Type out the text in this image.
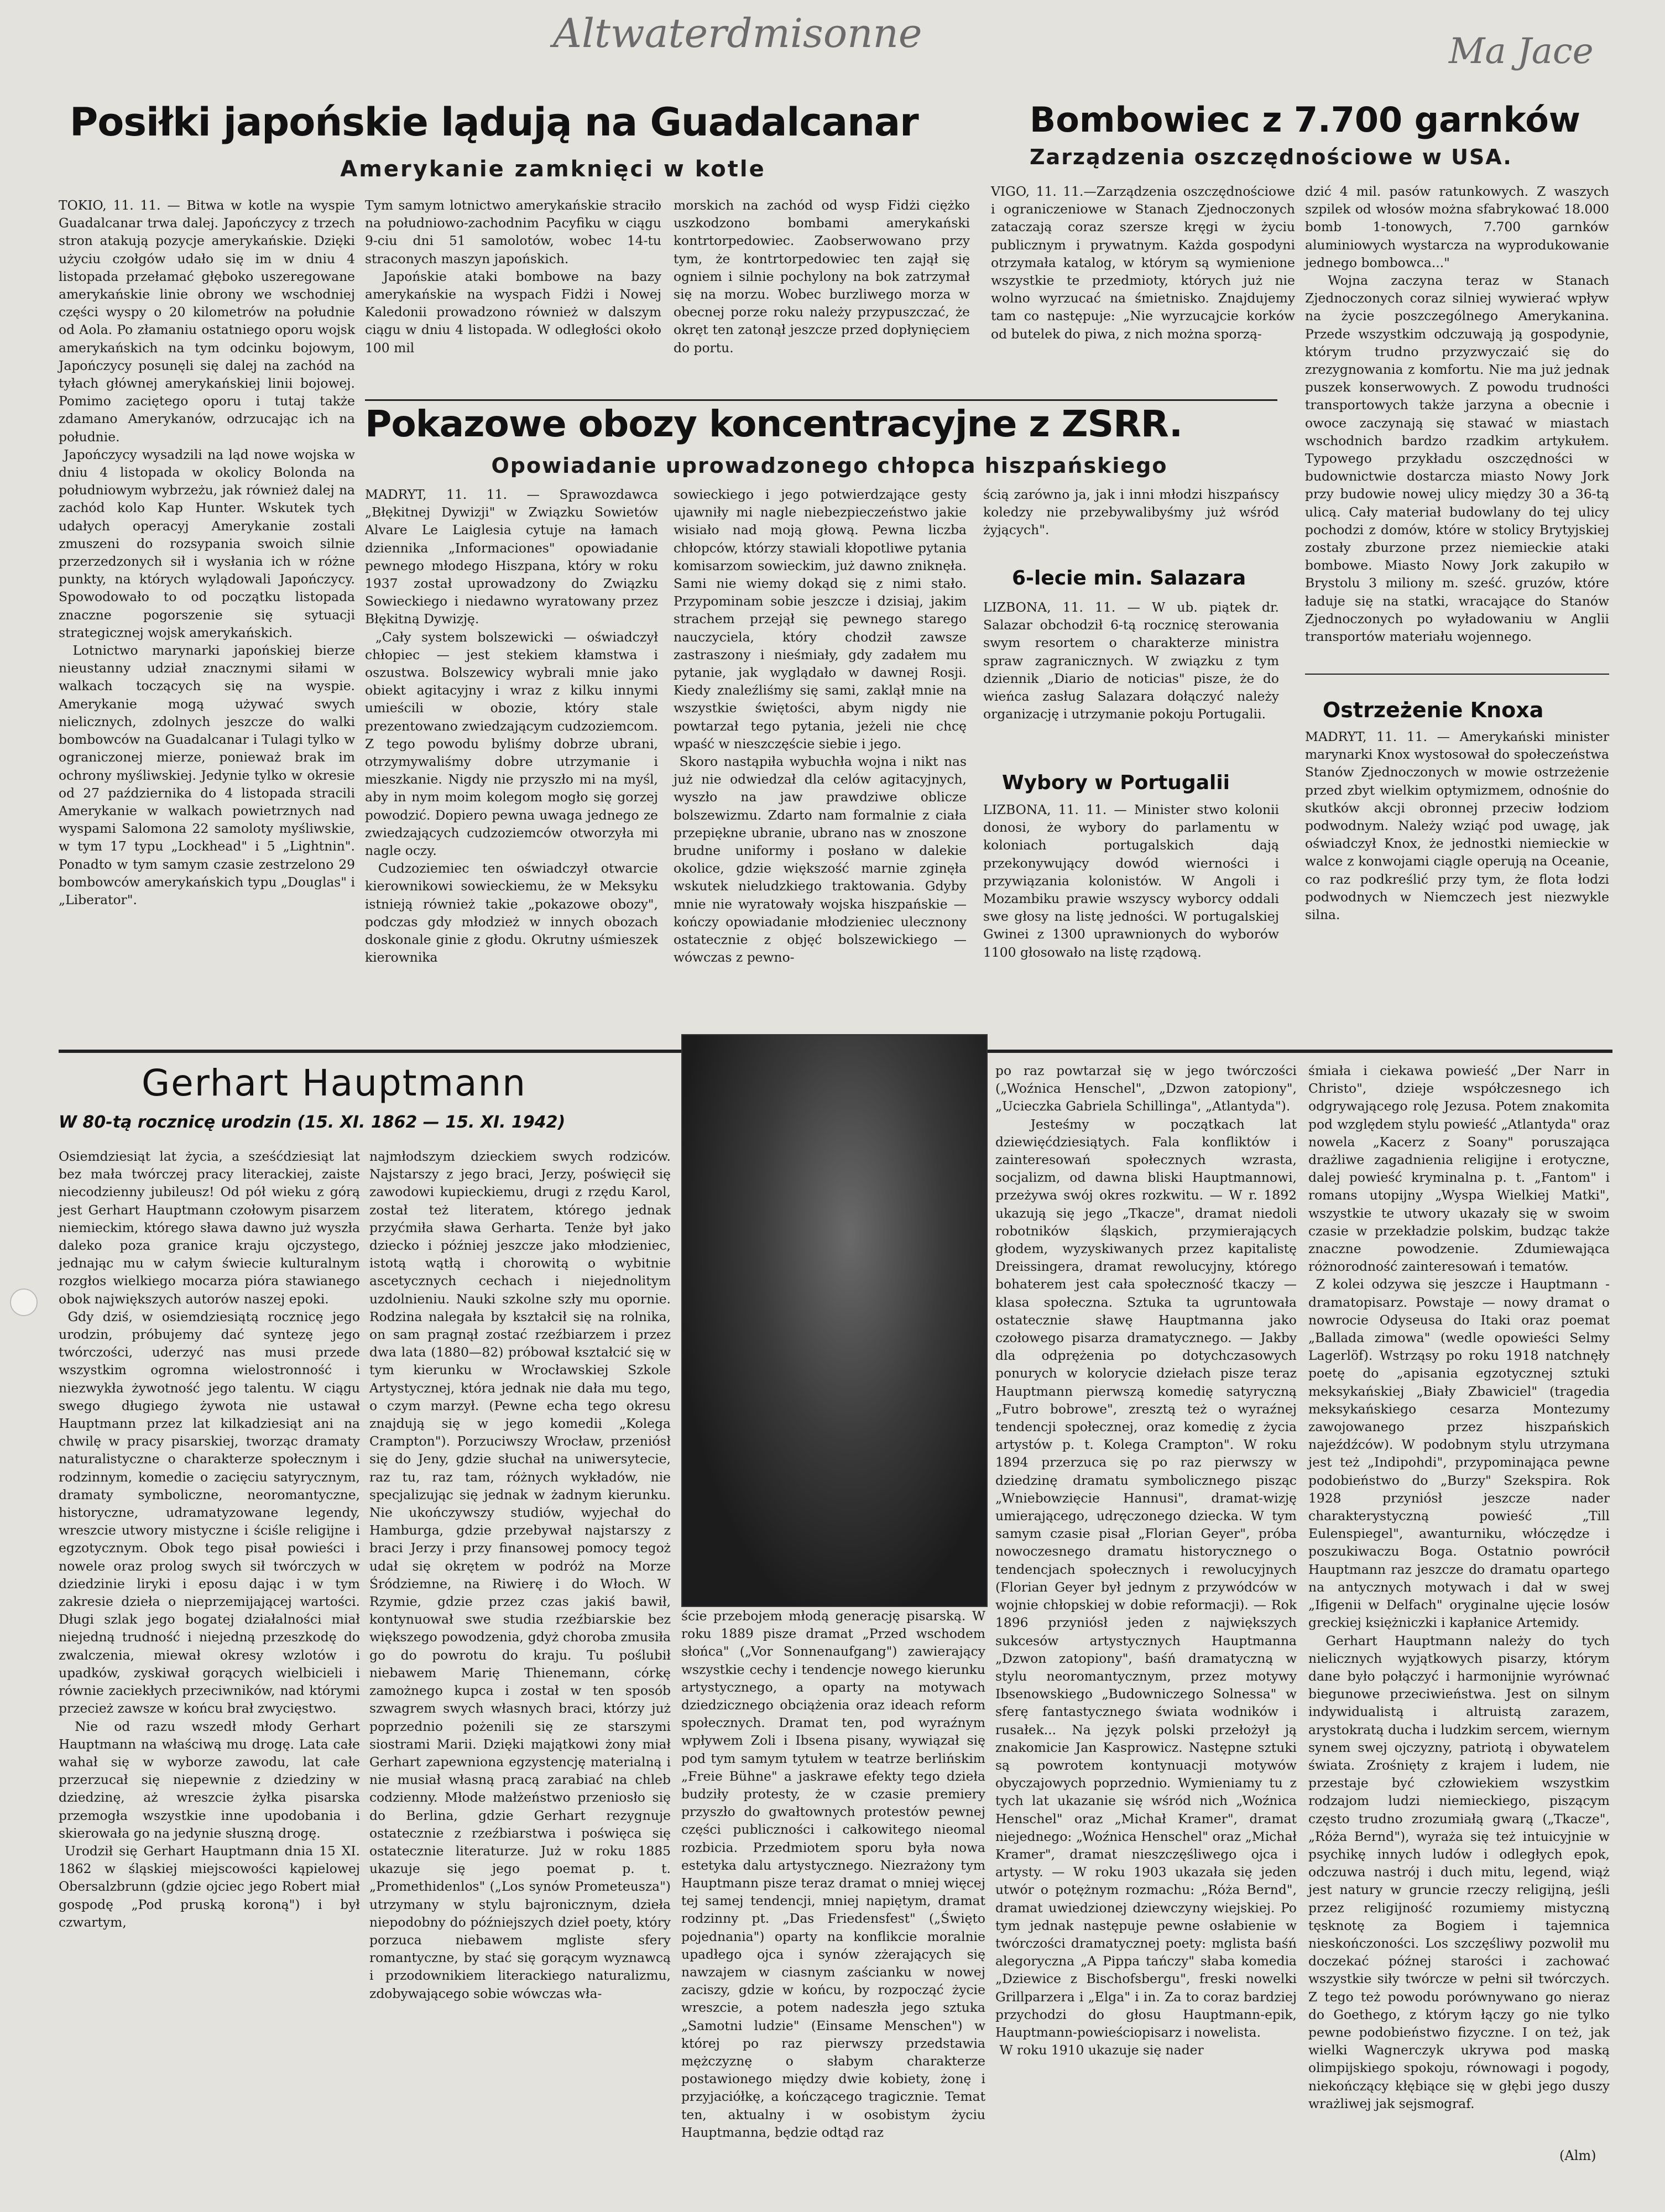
Altwaterdmisonne	Ma Jace
Posiłki japońskie lądują na Guadalcanar
Amerykanie zamknięci w kotle
TOKIO, 11. 11. — Bitwa w kotle na wyspie Guadalcanar trwa dalej. Japończycy z trzech stron atakują pozycje amerykańskie. Dzięki użyciu czołgów udało się im w dniu 4 listopada przełamać głęboko uszeregowane amerykańskie linie obrony we wschodniej części wyspy o 20 kilometrów na południe od Aola. Po złamaniu ostatniego oporu wojsk amerykańskich na tym odcinku bojowym, Japończycy posunęli się dalej na zachód na tyłach głównej amerykańskiej linii bojowej. Pomimo zaciętego oporu i tutaj także zdamano Amerykanów, odrzucając ich na południe.
Japończycy wysadzili na ląd nowe wojska w dniu 4 listopada w okolicy Bolonda na południowym wybrzeżu, jak również dalej na zachód kolo Kap Hunter. Wskutek tych udałych operacyj Amerykanie zostali zmuszeni do rozsypania swoich silnie przerzedzonych sił i wysłania ich w różne punkty, na których wylądowali Japończycy. Spowodowało to od początku listopada znaczne pogorszenie się sytuacji strategicznej wojsk amerykańskich.
Lotnictwo marynarki japońskiej bierze nieustanny udział znacznymi siłami w walkach toczących się na wyspie. Amerykanie mogą używać swych nielicznych, zdolnych jeszcze do walki bombowców na Guadalcanar i Tulagi tylko w ograniczonej mierze, ponieważ brak im ochrony myśliwskiej. Jedynie tylko w okresie od 27 października do 4 listopada stracili Amerykanie w walkach powietrznych nad wyspami Salomona 22 samoloty myśliwskie, w tym 17 typu „Lockhead" i 5 „Lightnin". Ponadto w tym samym czasie zestrzelono 29 bombowców amerykańskich typu „Douglas" i „Liberator".
Tym samym lotnictwo amerykańskie straciło na południowo-zachodnim Pacyfiku w ciągu 9-ciu dni 51 samolotów, wobec 14-tu straconych maszyn japońskich.
Japońskie ataki bombowe na bazy amerykańskie na wyspach Fidżi i Nowej Kaledonii prowadzono również w dalszym ciągu w dniu 4 listopada. W odległości około 100 mil
morskich na zachód od wysp Fidżi ciężko uszkodzono bombami amerykański kontrtorpedowiec. Zaobserwowano przy tym, że kontrtorpedowiec ten zajął się ogniem i silnie pochylony na bok zatrzymał się na morzu. Wobec burzliwego morza w obecnej porze roku należy przypuszczać, że okręt ten zatonął jeszcze przed dopłynięciem do portu.
Bombowiec z 7.700 garnków
Zarządzenia oszczędnościowe w USA.
VIGO, 11. 11.—Zarządzenia oszczędnościowe i ograniczeniowe w Stanach Zjednoczonych zataczają coraz szersze kręgi w życiu publicznym i prywatnym. Każda gospodyni otrzymała katalog, w którym są wymienione wszystkie te przedmioty, których już nie wolno wyrzucać na śmietnisko. Znajdujemy tam co następuje: „Nie wyrzucajcie korków od butelek do piwa, z nich można sporzą-
dzić 4 mil. pasów ratunkowych. Z waszych szpilek od włosów można sfabrykować 18.000 bomb 1-tonowych, 7.700 garnków aluminiowych wystarcza na wyprodukowanie jednego bombowca..."
Wojna zaczyna teraz w Stanach Zjednoczonych coraz silniej wywierać wpływ na życie poszczególnego Amerykanina. Przede wszystkim odczuwają ją gospodynie, którym trudno przyzwyczaić się do zrezygnowania z komfortu. Nie ma już jednak puszek konserwowych. Z powodu trudności transportowych także jarzyna a obecnie i owoce zaczynają się stawać w miastach wschodnich bardzo rzadkim artykułem. Typowego przykładu oszczędności w budownictwie dostarcza miasto Nowy Jork przy budowie nowej ulicy między 30 a 36-tą ulicą. Cały materiał budowlany do tej ulicy pochodzi z domów, które w stolicy Brytyjskiej zostały zburzone przez niemieckie ataki bombowe. Miasto Nowy Jork zakupiło w Brystolu 3 miliony m. sześć. gruzów, które ładuje się na statki, wracające do Stanów Zjednoczonych po wyładowaniu w Anglii transportów materiału wojennego.
Pokazowe obozy koncentracyjne z ZSRR.
Opowiadanie uprowadzonego chłopca hiszpańskiego
MADRYT, 11. 11. — Sprawozdawca „Błękitnej Dywizji" w Związku Sowietów Alvare Le Laiglesia cytuje na łamach dziennika „Informaciones" opowiadanie pewnego młodego Hiszpana, który w roku 1937 został uprowadzony do Związku Sowieckiego i niedawno wyratowany przez Błękitną Dywizję.
„Cały system bolszewicki — oświadczył chłopiec — jest stekiem kłamstwa i oszustwa. Bolszewicy wybrali mnie jako obiekt agitacyjny i wraz z kilku innymi umieścili w obozie, który stale prezentowano zwiedzającym cudzoziemcom. Z tego powodu byliśmy dobrze ubrani, otrzymywaliśmy dobre utrzymanie i mieszkanie. Nigdy nie przyszło mi na myśl, aby in nym moim kolegom mogło się gorzej powodzić. Dopiero pewna uwaga jednego ze zwiedzających cudzoziemców otworzyła mi nagle oczy.
Cudzoziemiec ten oświadczył otwarcie kierownikowi sowieckiemu, że w Meksyku istnieją również takie „pokazowe obozy", podczas gdy młodzież w innych obozach doskonale ginie z głodu. Okrutny uśmieszek kierownika
sowieckiego i jego potwierdzające gesty ujawniły mi nagle niebezpieczeństwo jakie wisiało nad moją głową. Pewna liczba chłopców, którzy stawiali kłopotliwe pytania komisarzom sowieckim, już dawno zniknęła. Sami nie wiemy dokąd się z nimi stało. Przypominam sobie jeszcze i dzisiaj, jakim strachem przejął się pewnego starego nauczyciela, który chodził zawsze zastraszony i nieśmiały, gdy zadałem mu pytanie, jak wyglądało w dawnej Rosji. Kiedy znaleźliśmy się sami, zaklął mnie na wszystkie świętości, abym nigdy nie powtarzał tego pytania, jeżeli nie chcę wpaść w nieszczęście siebie i jego.
Skoro nastąpiła wybuchła wojna i nikt nas już nie odwiedzał dla celów agitacyjnych, wyszło na jaw prawdziwe oblicze bolszewizmu. Zdarto nam formalnie z ciała przepiękne ubranie, ubrano nas w znoszone brudne uniformy i posłano w dalekie okolice, gdzie większość marnie zginęła wskutek nieludzkiego traktowania. Gdyby mnie nie wyratowały wojska hiszpańskie — kończy opowiadanie młodzieniec ulecznony ostatecznie z objęć bolszewickiego — wówczas z pewno-
ścią zarówno ja, jak i inni młodzi hiszpańscy koledzy nie przebywalibyśmy już wśród żyjących".
6-lecie min. Salazara
LIZBONA, 11. 11. — W ub. piątek dr. Salazar obchodził 6-tą rocznicę sterowania swym resortem o charakterze ministra spraw zagranicznych. W związku z tym dziennik „Diario de noticias" pisze, że do wieńca zasług Salazara dołączyć należy organizację i utrzymanie pokoju Portugalii.
Wybory w Portugalii
LIZBONA, 11. 11. — Minister stwo kolonii donosi, że wybory do parlamentu w koloniach portugalskich dają przekonywujący dowód wierności i przywiązania kolonistów. W Angoli i Mozambiku prawie wszyscy wyborcy oddali swe głosy na listę jedności. W portugalskiej Gwinei z 1300 uprawnionych do wyborów 1100 głosowało na listę rządową.
Ostrzeżenie Knoxa
MADRYT, 11. 11. — Amerykański minister marynarki Knox wystosował do społeczeństwa Stanów Zjednoczonych w mowie ostrzeżenie przed zbyt wielkim optymizmem, odnośnie do skutków akcji obronnej przeciw łodziom podwodnym. Należy wziąć pod uwagę, jak oświadczył Knox, że jednostki niemieckie w walce z konwojami ciągle operują na Oceanie, co raz podkreślić przy tym, że flota łodzi podwodnych w Niemczech jest niezwykle silna.
Gerhart Hauptmann
W 80-tą rocznicę urodzin (15. XI. 1862 — 15. XI. 1942)
Osiemdziesiąt lat życia, a sześćdziesiąt lat bez mała twórczej pracy literackiej, zaiste niecodzienny jubileusz! Od pół wieku z górą jest Gerhart Hauptmann czołowym pisarzem niemieckim, którego sława dawno już wyszła daleko poza granice kraju ojczystego, jednając mu w całym świecie kulturalnym rozgłos wielkiego mocarza pióra stawianego obok największych autorów naszej epoki.
Gdy dziś, w osiemdziesiątą rocznicę jego urodzin, próbujemy dać syntezę jego twórczości, uderzyć nas musi przede wszystkim ogromna wielostronność i niezwykła żywotność jego talentu. W ciągu swego długiego żywota nie ustawał Hauptmann przez lat kilkadziesiąt ani na chwilę w pracy pisarskiej, tworząc dramaty naturalistyczne o charakterze społecznym i rodzinnym, komedie o zacięciu satyrycznym, dramaty symboliczne, neoromantyczne, historyczne, udramatyzowane legendy, wreszcie utwory mistyczne i ściśle religijne i egzotycznym. Obok tego pisał powieści i nowele oraz prolog swych sił twórczych w dziedzinie liryki i eposu dając i w tym zakresie dzieła o nieprzemijającej wartości. Długi szlak jego bogatej działalności miał niejedną trudność i niejedną przeszkodę do zwalczenia, miewał okresy wzlotów i upadków, zyskiwał gorących wielbicieli i równie zaciekłych przeciwników, nad którymi przecież zawsze w końcu brał zwycięstwo.
Nie od razu wszedł młody Gerhart Hauptmann na właściwą mu drogę. Lata całe wahał się w wyborze zawodu, lat całe przerzucał się niepewnie z dziedziny w dziedzinę, aż wreszcie żyłka pisarska przemogła wszystkie inne upodobania i skierowała go na jedynie słuszną drogę.
Urodził się Gerhart Hauptmann dnia 15 XI. 1862 w śląskiej miejscowości kąpielowej Obersalzbrunn (gdzie ojciec jego Robert miał gospodę „Pod pruską koroną") i był czwartym,
najmłodszym dzieckiem swych rodziców. Najstarszy z jego braci, Jerzy, poświęcił się zawodowi kupieckiemu, drugi z rzędu Karol, został też literatem, którego jednak przyćmiła sława Gerharta. Tenże był jako dziecko i później jeszcze jako młodzieniec, istotą wątłą i chorowitą o wybitnie ascetycznych cechach i niejednolitym uzdolnieniu. Nauki szkolne szły mu opornie. Rodzina nalegała by kształcił się na rolnika, on sam pragnął zostać rzeźbiarzem i przez dwa lata (1880—82) próbował kształcić się w tym kierunku w Wrocławskiej Szkole Artystycznej, która jednak nie dała mu tego, o czym marzył. (Pewne echa tego okresu znajdują się w jego komedii „Kolega Crampton"). Porzuciwszy Wrocław, przeniósł się do Jeny, gdzie słuchał na uniwersytecie, raz tu, raz tam, różnych wykładów, nie specjalizując się jednak w żadnym kierunku. Nie ukończywszy studiów, wyjechał do Hamburga, gdzie przebywał najstarszy z braci Jerzy i przy finansowej pomocy tegoż udał się okrętem w podróż na Morze Śródziemne, na Riwierę i do Włoch. W Rzymie, gdzie przez czas jakiś bawił, kontynuował swe studia rzeźbiarskie bez większego powodzenia, gdyż choroba zmusiła go do powrotu do kraju. Tu poślubił niebawem Marię Thienemann, córkę zamożnego kupca i został w ten sposób szwagrem swych własnych braci, którzy już poprzednio pożenili się ze starszymi siostrami Marii. Dzięki majątkowi żony miał Gerhart zapewniona egzystencję materialną i nie musiał własną pracą zarabiać na chleb codzienny. Młode małżeństwo przeniosło się do Berlina, gdzie Gerhart rezygnuje ostatecznie z rzeźbiarstwa i poświęca się ostatecznie literaturze. Już w roku 1885 ukazuje się jego poemat p. t. „Promethidenlos" („Los synów Prometeusza") utrzymany w stylu bajronicznym, dzieła niepodobny do późniejszych dzieł poety, który porzuca niebawem mgliste sfery romantyczne, by stać się gorącym wyznawcą i przodownikiem literackiego naturalizmu, zdobywającego sobie wówczas wła-
ście przebojem młodą generację pisarską. W roku 1889 pisze dramat „Przed wschodem słońca" („Vor Sonnenaufgang") zawierający wszystkie cechy i tendencje nowego kierunku artystycznego, a oparty na motywach dziedzicznego obciążenia oraz ideach reform społecznych. Dramat ten, pod wyraźnym wpływem Zoli i Ibsena pisany, wywiązał się pod tym samym tytułem w teatrze berlińskim „Freie Bühne" a jaskrawe efekty tego dzieła budziły protesty, że w czasie premiery przyszło do gwałtownych protestów pewnej części publiczności i całkowitego nieomal rozbicia. Przedmiotem sporu była nowa estetyka dalu artystycznego. Niezrażony tym Hauptmann pisze teraz dramat o mniej więcej tej samej tendencji, mniej napiętym, dramat rodzinny pt. „Das Friedensfest" („Święto pojednania") oparty na konflikcie moralnie upadłego ojca i synów zżerających się nawzajem w ciasnym zaścianku w nowej zaciszy, gdzie w końcu, by rozpocząć życie wreszcie, a potem nadeszła jego sztuka „Samotni ludzie" (Einsame Menschen") w której po raz pierwszy przedstawia mężczyznę o słabym charakterze postawionego między dwie kobiety, żonę i przyjaciółkę, a kończącego tragicznie. Temat ten, aktualny i w osobistym życiu Hauptmanna, będzie odtąd raz
po raz powtarzał się w jego twórczości („Woźnica Henschel", „Dzwon zatopiony", „Ucieczka Gabriela Schillinga", „Atlantyda").
Jesteśmy w początkach lat dziewięćdziesiątych. Fala konfliktów i zainteresowań społecznych wzrasta, socjalizm, od dawna bliski Hauptmannowi, przeżywa swój okres rozkwitu. — W r. 1892 ukazują się jego „Tkacze", dramat niedoli robotników śląskich, przymierających głodem, wyzyskiwanych przez kapitalistę Dreissingera, dramat rewolucyjny, którego bohaterem jest cała społeczność tkaczy — klasa społeczna. Sztuka ta ugruntowała ostatecznie sławę Hauptmanna jako czołowego pisarza dramatycznego. — Jakby dla odprężenia po dotychczasowych ponurych w kolorycie dziełach pisze teraz Hauptmann pierwszą komedię satyryczną „Futro bobrowe", zresztą też o wyraźnej tendencji społecznej, oraz komedię z życia artystów p. t. Kolega Crampton". W roku 1894 przerzuca się po raz pierwszy w dziedzinę dramatu symbolicznego pisząc „Wniebowzięcie Hannusi", dramat-wizję umierającego, udręczonego dziecka. W tym samym czasie pisał „Florian Geyer", próba nowoczesnego dramatu historycznego o tendencjach społecznych i rewolucyjnych (Florian Geyer był jednym z przywódców w wojnie chłopskiej w dobie reformacji). — Rok 1896 przyniósł jeden z największych sukcesów artystycznych Hauptmanna „Dzwon zatopiony", baśń dramatyczną w stylu neoromantycznym, przez motywy Ibsenowskiego „Budowniczego Solnessa" w sferę fantastycznego świata wodników i rusałek... Na język polski przełożył ją znakomicie Jan Kasprowicz. Następne sztuki są powrotem kontynuacji motywów obyczajowych poprzednio. Wymieniamy tu z tych lat ukazanie się wśród nich „Woźnica Henschel" oraz „Michał Kramer", dramat niejednego: „Woźnica Henschel" oraz „Michał Kramer", dramat nieszczęśliwego ojca i artysty. — W roku 1903 ukazała się jeden utwór o potężnym rozmachu: „Róża Bernd", dramat uwiedzionej dziewczyny wiejskiej. Po tym jednak następuje pewne osłabienie w twórczości dramatycznej poety: mglista baśń alegoryczna „A Pippa tańczy" słaba komedia „Dziewice z Bischofsbergu", freski nowelki Grillparzera i „Elga" i in. Za to coraz bardziej przychodzi do głosu Hauptmann-epik, Hauptmann-powieściopisarz i nowelista.
W roku 1910 ukazuje się nader
śmiała i ciekawa powieść „Der Narr in Christo", dzieje współczesnego ich odgrywającego rolę Jezusa. Potem znakomita pod względem stylu powieść „Atlantyda" oraz nowela „Kacerz z Soany" poruszająca drażliwe zagadnienia religijne i erotyczne, dalej powieść kryminalna p. t. „Fantom" i romans utopijny „Wyspa Wielkiej Matki", wszystkie te utwory ukazały się w swoim czasie w przekładzie polskim, budząc także znaczne powodzenie. Zdumiewająca różnorodność zainteresowań i tematów.
Z kolei odzywa się jeszcze i Hauptmann - dramatopisarz. Powstaje — nowy dramat o nowrocie Odyseusa do Itaki oraz poemat „Ballada zimowa" (wedle opowieści Selmy Lagerlöf). Wstrząsy po roku 1918 natchnęły poetę do „apisania egzotycznej sztuki meksykańskiej „Biały Zbawiciel" (tragedia meksykańskiego cesarza Montezumy zawojowanego przez hiszpańskich najeźdźców). W podobnym stylu utrzymana jest też „Indipohdi", przypominająca pewne podobieństwo do „Burzy" Szekspira. Rok 1928 przyniósł jeszcze nader charakterystyczną powieść „Till Eulenspiegel", awanturniku, włóczędze i poszukiwaczu Boga. Ostatnio powrócił Hauptmann raz jeszcze do dramatu opartego na antycznych motywach i dał w swej „Ifigenii w Delfach" oryginalne ujęcie losów greckiej księżniczki i kapłanice Artemidy.
Gerhart Hauptmann należy do tych nielicznych wyjątkowych pisarzy, którym dane było połączyć i harmonijnie wyrównać biegunowe przeciwieństwa. Jest on silnym indywidualistą i altruistą zarazem, arystokratą ducha i ludzkim sercem, wiernym synem swej ojczyzny, patriotą i obywatelem świata. Zrośnięty z krajem i ludem, nie przestaje być człowiekiem wszystkim rodzajom ludzi niemieckiego, piszącym często trudno zrozumiałą gwarą („Tkacze", „Róża Bernd"), wyraża się też intuicyjnie w psychikę innych ludów i odległych epok, odczuwa nastrój i duch mitu, legend, wiąż jest natury w gruncie rzeczy religijną, jeśli przez religijność rozumiemy mistyczną tęsknotę za Bogiem i tajemnica nieskończoności. Los szczęśliwy pozwolił mu doczekać późnej starości i zachować wszystkie siły twórcze w pełni sił twórczych. Z tego też powodu porównywano go nieraz do Goethego, z którym łączy go nie tylko pewne podobieństwo fizyczne. I on też, jak wielki Wagnerczyk ukrywa pod maską olimpijskiego spokoju, równowagi i pogody, niekończący kłębiące się w głębi jego duszy wrażliwej jak sejsmograf.
(Alm)
